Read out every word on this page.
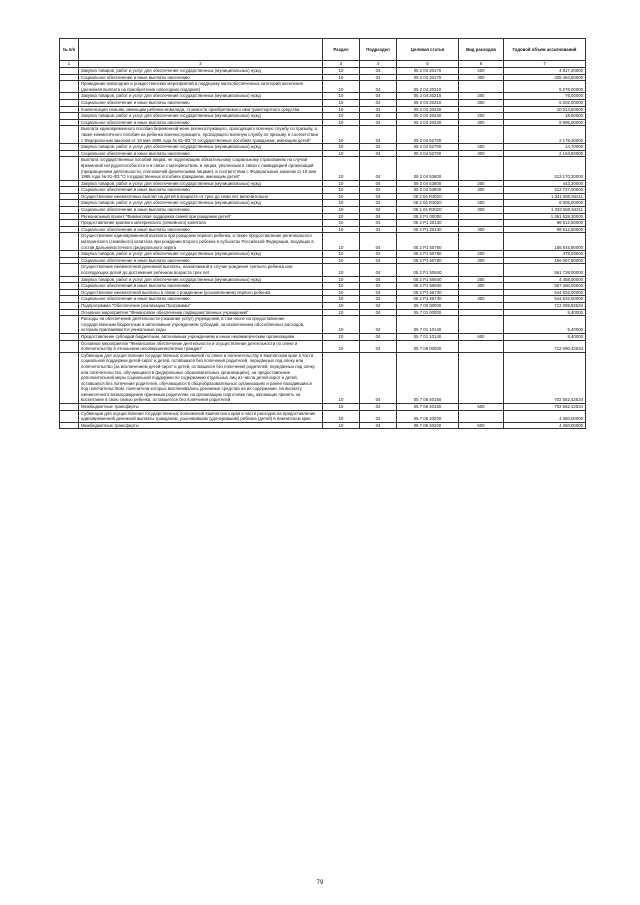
№ п/п		Раздел	Подраздел	Целевая статья	Вид расходов	Годовой объем ассигнований
1	2	3	4	5	6	7
	Закупка товаров, работ и услуг для обеспечения государственных (муниципальных) нужд	10	04	05 2 04 20170	200	4 817,20000
	Социальное обеспечение и иные выплаты населению	10	04	05 2 04 20170	300	325 464,60000
	Проведение новогодних и рождественских мероприятий в поддержку малообеспеченных категорий населения (денежная выплата на приобретение новогодних подарков)	10	04	05 2 04 20210		5 278,00000
	Закупка товаров, работ и услуг для обеспечения государственных (муниципальных) нужд	10	04	05 2 04 20210	200	76,00000
	Социальное обеспечение и иные выплаты населению	10	04	05 2 04 20210	300	5 202,00000
	Компенсация семьям, имеющим ребенка-инвалида, стоимости приобретаемого ими транспортного средства	10	04	05 2 04 20430		10 013,60000
	Закупка товаров, работ и услуг для обеспечения государственных (муниципальных) нужд	10	04	05 2 04 20430	200	18,60000
	Социальное обеспечение и иные выплаты населению	10	04	05 2 04 20430	300	9 995,00000
	Выплата единовременного пособия беременной жене военнослужащего, проходящего военную службу по призыву, а также ежемесячного пособия на ребенка военнослужащего, проходящего военную службу по призыву, в соответствии с Федеральным законом от 19 мая 1995 года № 81-ФЗ "О государственных пособиях гражданам, имеющим детей"	10	04	05 2 04 52700		2 178,30000
	Закупка товаров, работ и услуг для обеспечения государственных (муниципальных) нужд	10	04	05 2 04 52700	200	14,70000
	Социальное обеспечение и иные выплаты населению	10	04	05 2 04 52700	300	2 163,60000
	Выплата государственных пособий лицам, не подлежащим обязательному социальному страхованию на случай временной нетрудоспособности и в связи с материнством, и лицам, уволенным в связи с ликвидацией организаций (прекращением деятельности, полномочий физическими лицами), в соответствии с Федеральным законом от 19 мая 1995 года № 81-ФЗ "О государственных пособиях гражданам, имеющим детей"	10	04	05 2 04 53800		213 170,30000
	Закупка товаров, работ и услуг для обеспечения государственных (муниципальных) нужд	10	04	05 2 04 53800	200	443,30000
	Социальное обеспечение и иные выплаты населению	10	04	05 2 04 53800	300	212 727,00000
	Осуществление ежемесячных выплат на детей в возрасте от трех до семи лет включительно	10	04	05 2 04 R3020		1 341 550,84211
	Закупка товаров, работ и услуг для обеспечения государственных (муниципальных) нужд	10	04	05 2 04 R3020	200	8 006,00000
	Социальное обеспечение и иные выплаты населению	10	04	05 2 04 R3020	300	1 333 550,84211
	Региональный проект "Финансовая поддержка семей при рождении детей"	10	04	05 2 P1 00000		1 361 528,30000
	Предоставление краевого материнского (семейного) капитала	10	04	05 2 P1 20130		98 612,50000
	Социальное обеспечение и иные выплаты населению	10	04	05 2 P1 20130	300	98 612,50000
	Осуществление единовременной выплаты при рождении первого ребенка, а также предоставление регионального материнского (семейного) капитала при рождении второго ребенка в субъектах Российской Федерации, входящих в состав Дальневосточного федерального округа	10	04	05 2 P1 50780		156 545,80000
	Закупка товаров, работ и услуг для обеспечения государственных (муниципальных) нужд	10	04	05 2 P1 50780	200	478,00000
	Социальное обеспечение и иные выплаты населению	10	04	05 2 P1 50780	300	156 067,80000
	Осуществление ежемесячной денежной выплаты, назначаемой в случае рождения третьего ребенка или последующих детей до достижения ребенком возраста трех лет	10	04	05 2 P1 50840		561 738,00000
	Закупка товаров, работ и услуг для обеспечения государственных (муниципальных) нужд	10	04	05 2 P1 50840	200	4 458,00000
	Социальное обеспечение и иные выплаты населению	10	04	05 2 P1 50840	300	557 280,00000
	Осуществление ежемесячной выплаты в связи с рождением (усыновлением) первого ребенка	10	04	05 2 P1 55730		544 632,00000
	Социальное обеспечение и иные выплаты населению	10	04	05 2 P1 55730	300	544 632,00000
	Подпрограмма "Обеспечение реализации Программы"	10	04	05 7 00 00000		712 095,82534
	Основное мероприятие "Финансовое обеспечение подведомственных учреждений"	10	04	05 7 01 00000		5,40000
	Расходы на обеспечение деятельности (оказание услуг) учреждений, в том числе на предоставление государственным бюджетным и автономным учреждениям субсидий, за исключением обособленных расходов, которым присваиваются уникальные коды	10	04	05 7 01 10140		5,40000
	Предоставление субсидий бюджетным, автономным учреждениям и иным некоммерческим организациям	10	04	05 7 01 10140	600	5,40000
	Основное мероприятие "Финансовое обеспечение деятельности и осуществление деятельности по опеке и попечительству в отношении несовершеннолетних граждан"	10	04	05 7 06 00000		712 090,42534
	Субвенции для осуществления государственных полномочий по опеке и попечительству в Камчатском крае в части социальной поддержки детей-сирот и детей, оставшихся без попечения родителей, переданных под опеку или попечительство (за исключением детей-сирот и детей, оставшихся без попечения родителей, переданных под опеку или попечительство, обучающихся в федеральных образовательных организациях), на предоставление дополнительной меры социальной поддержки по содержанию отдельных лиц из числа детей-сирот и детей, оставшихся без попечения родителей, обучающихся в общеобразовательных организациях и ранее находившихся под попечительством, попечители которых выплачивались денежные средства на их содержание, на выплату ежемесячного вознаграждения приемным родителям, на организацию подготовки лиц, желающих принять на воспитание в свою семью ребенка, оставшегося без попечения родителей	10	04	05 7 06 40160		702 562,42534
	Межбюджетные трансферты	10	04	05 7 06 40160	500	702 562,42534
	Субвенции для осуществления государственных полномочий Камчатского края в части расходов на предоставление единовременной денежной выплаты гражданам, усыновившим (удочерившим) ребенка (детей) в Камчатском крае	10	04	05 7 06 40200		4 350,00000
	Межбюджетные трансферты	10	04	05 7 06 40200	500	4 350,00000
79
